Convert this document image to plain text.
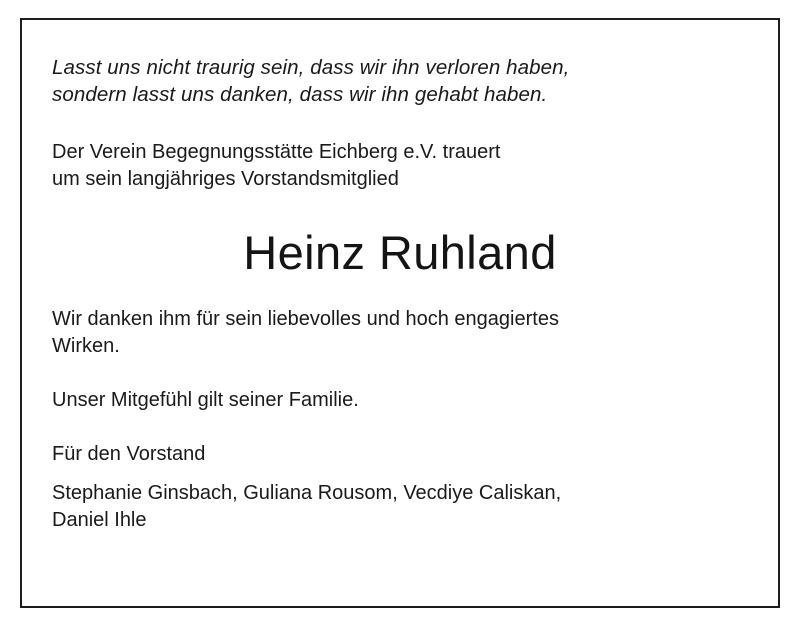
Lasst uns nicht traurig sein, dass wir ihn verloren haben,
sondern lasst uns danken, dass wir ihn gehabt haben.
Der Verein Begegnungsstätte Eichberg e.V. trauert
um sein langjähriges Vorstandsmitglied
Heinz Ruhland
Wir danken ihm für sein liebevolles und hoch engagiertes
Wirken.
Unser Mitgefühl gilt seiner Familie.
Für den Vorstand
Stephanie Ginsbach, Guliana Rousom, Vecdiye Caliskan,
Daniel Ihle
